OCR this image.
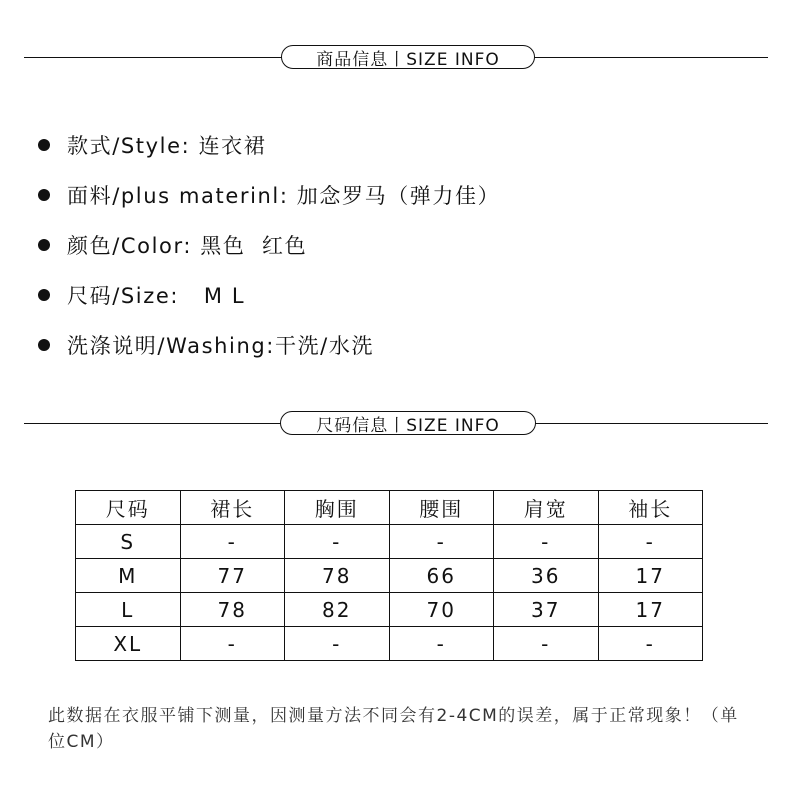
商品信息丨SIZE INFO
款式/Style: 连衣裙
面料/plus materinl: 加念罗马（弹力佳）
颜色/Color: 黑色  红色
尺码/Size:   M L
洗涤说明/Washing:干洗/水洗
尺码信息丨SIZE INFO
尺码	裙长	胸围	腰围	肩宽	袖长
S	-	-	-	-	-
M	77	78	66	36	17
L	78	82	70	37	17
XL	-	-	-	-	-

此数据在衣服平铺下测量，因测量方法不同会有2-4CM的误差，属于正常现象！（单位CM）
